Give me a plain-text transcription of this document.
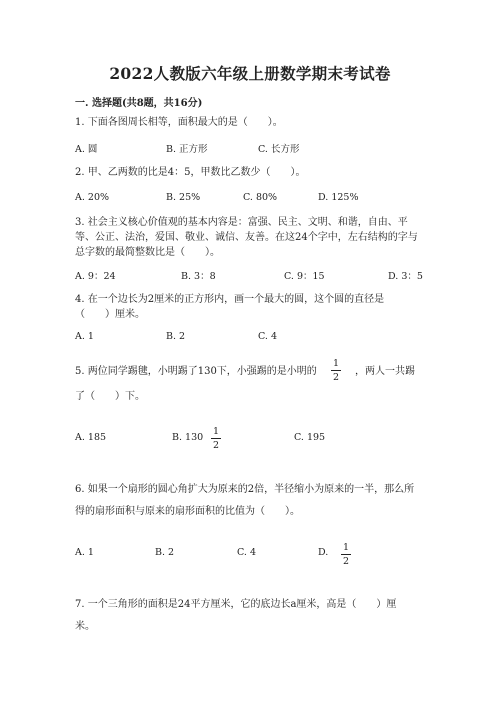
2022人教版六年级上册数学期末考试卷
一. 选择题(共8题，共16分)
1. 下面各图周长相等，面积最大的是（　　）。
A. 圆	B. 正方形	C. 长方形
2. 甲、乙两数的比是4：5，甲数比乙数少（　　）。
A. 20%	B. 25%	C. 80%	D. 125%
3. 社会主义核心价值观的基本内容是：富强、民主、文明、和谐，自由、平
等、公正、法治，爱国、敬业、诚信、友善。在这24个字中，左右结构的字与
总字数的最简整数比是（　　）。
A. 9：24	B. 3：8	C. 9：15	D. 3：5
4. 在一个边长为2厘米的正方形内，画一个最大的圆，这个圆的直径是
（　　）厘米。
A. 1	B. 2	C. 4
5. 两位同学踢毽，小明踢了130下，小强踢的是小明的
1
2
，两人一共踢
了（　　）下。
A. 185	B. 130
1
2
C. 195
6. 如果一个扇形的圆心角扩大为原来的2倍，半径缩小为原来的一半，那么所
得的扇形面积与原来的扇形面积的比值为（　　）。
A. 1	B. 2	C. 4	D.	1
2
7. 一个三角形的面积是24平方厘米，它的底边长a厘米，高是（　　）厘
米。
